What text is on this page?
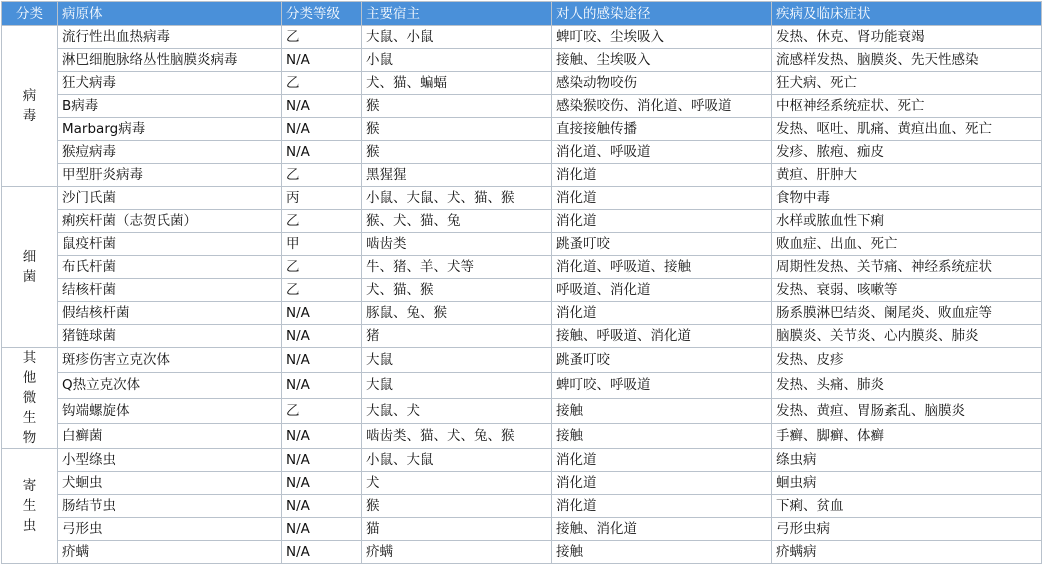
分类	病原体	分类等级	主要宿主	对人的感染途径	疾病及临床症状
病毒	流行性出血热病毒	乙	大鼠、小鼠	蜱叮咬、尘埃吸入	发热、休克、肾功能衰竭
	淋巴细胞脉络丛性脑膜炎病毒	N/A	小鼠	接触、尘埃吸入	流感样发热、脑膜炎、先天性感染
	狂犬病毒	乙	犬、猫、蝙蝠	感染动物咬伤	狂犬病、死亡
	B病毒	N/A	猴	感染猴咬伤、消化道、呼吸道	中枢神经系统症状、死亡
	Marbarg病毒	N/A	猴	直接接触传播	发热、呕吐、肌痛、黄疸出血、死亡
	猴痘病毒	N/A	猴	消化道、呼吸道	发疹、脓疱、痂皮
	甲型肝炎病毒	乙	黑猩猩	消化道	黄疸、肝肿大
细菌	沙门氏菌	丙	小鼠、大鼠、犬、猫、猴	消化道	食物中毒
	痢疾杆菌（志贺氏菌）	乙	猴、犬、猫、兔	消化道	水样或脓血性下痢
	鼠疫杆菌	甲	啮齿类	跳蚤叮咬	败血症、出血、死亡
	布氏杆菌	乙	牛、猪、羊、犬等	消化道、呼吸道、接触	周期性发热、关节痛、神经系统症状
	结核杆菌	乙	犬、猫、猴	呼吸道、消化道	发热、衰弱、咳嗽等
	假结核杆菌	N/A	豚鼠、兔、猴	消化道	肠系膜淋巴结炎、阑尾炎、败血症等
	猪链球菌	N/A	猪	接触、呼吸道、消化道	脑膜炎、关节炎、心内膜炎、肺炎
其他微生物	斑疹伤害立克次体	N/A	大鼠	跳蚤叮咬	发热、皮疹
	Q热立克次体	N/A	大鼠	蜱叮咬、呼吸道	发热、头痛、肺炎
	钩端螺旋体	乙	大鼠、犬	接触	发热、黄疸、胃肠紊乱、脑膜炎
	白癣菌	N/A	啮齿类、猫、犬、兔、猴	接触	手癣、脚癣、体癣
寄生虫	小型绦虫	N/A	小鼠、大鼠	消化道	绦虫病
	犬蛔虫	N/A	犬	消化道	蛔虫病
	肠结节虫	N/A	猴	消化道	下痢、贫血
	弓形虫	N/A	猫	接触、消化道	弓形虫病
	疥螨	N/A	疥螨	接触	疥螨病
